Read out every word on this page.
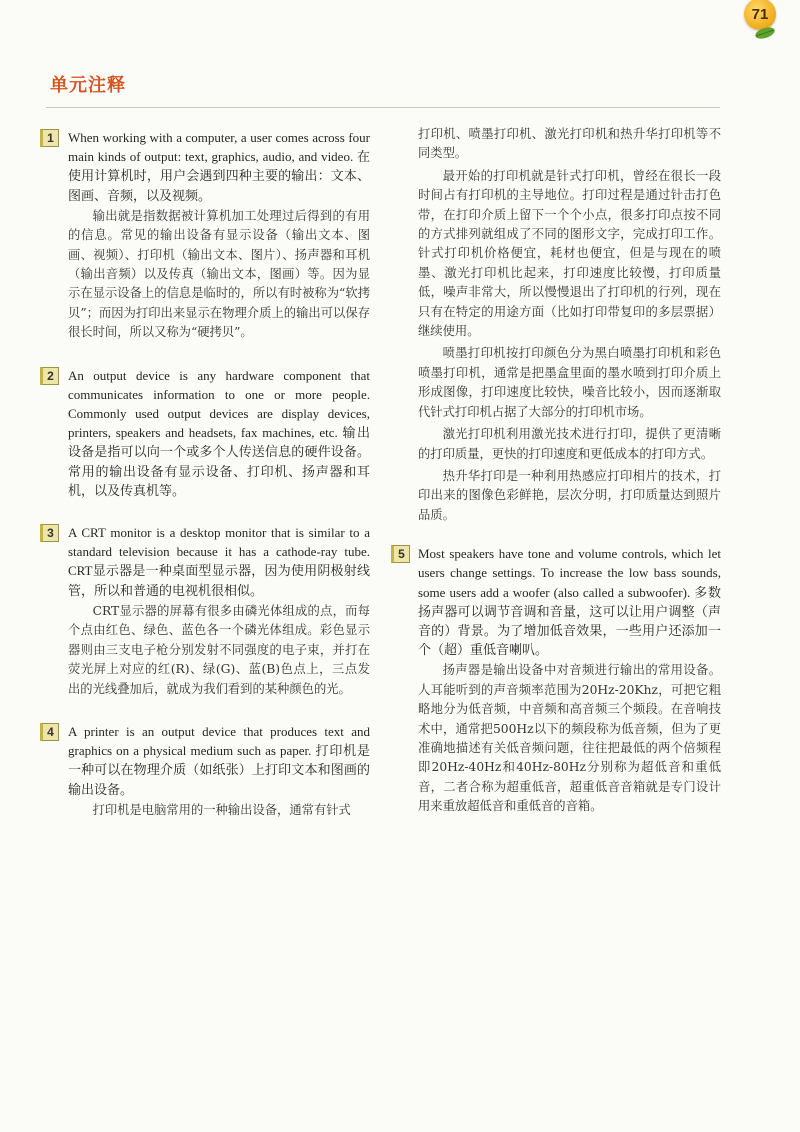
71
单元注释
1	When working with a computer, a user comes across four main kinds of output: text, graphics, audio, and video. 在使用计算机时，用户会遇到四种主要的输出：文本、图画、音频，以及视频。

输出就是指数据被计算机加工处理过后得到的有用的信息。常见的输出设备有显示设备（输出文本、图画、视频）、打印机（输出文本、图片）、扬声器和耳机（输出音频）以及传真（输出文本，图画）等。因为显示在显示设备上的信息是临时的，所以有时被称为“软拷贝”；而因为打印出来显示在物理介质上的输出可以保存很长时间，所以又称为“硬拷贝”。

2	An output device is any hardware component that communicates information to one or more people. Commonly used output devices are display devices, printers, speakers and headsets, fax machines, etc. 输出设备是指可以向一个或多个人传送信息的硬件设备。常用的输出设备有显示设备、打印机、扬声器和耳机，以及传真机等。

3	A CRT monitor is a desktop monitor that is similar to a standard television because it has a cathode-ray tube. CRT显示器是一种桌面型显示器，因为使用阴极射线管，所以和普通的电视机很相似。

CRT显示器的屏幕有很多由磷光体组成的点，而每个点由红色、绿色、蓝色各一个磷光体组成。彩色显示器则由三支电子枪分别发射不同强度的电子束，并打在荧光屏上对应的红(R)、绿(G)、蓝(B)色点上，三点发出的光线叠加后，就成为我们看到的某种颜色的光。

4	A printer is an output device that produces text and graphics on a physical medium such as paper. 打印机是一种可以在物理介质（如纸张）上打印文本和图画的输出设备。

打印机是电脑常用的一种输出设备，通常有针式

打印机、喷墨打印机、激光打印机和热升华打印机等不同类型。

最开始的打印机就是针式打印机，曾经在很长一段时间占有打印机的主导地位。打印过程是通过针击打色带，在打印介质上留下一个个小点，很多打印点按不同的方式排列就组成了不同的图形文字，完成打印工作。针式打印机价格便宜，耗材也便宜，但是与现在的喷墨、激光打印机比起来，打印速度比较慢，打印质量低，噪声非常大，所以慢慢退出了打印机的行列，现在只有在特定的用途方面（比如打印带复印的多层票据）继续使用。

喷墨打印机按打印颜色分为黑白喷墨打印机和彩色喷墨打印机，通常是把墨盒里面的墨水喷到打印介质上形成图像，打印速度比较快，噪音比较小，因而逐渐取代针式打印机占据了大部分的打印机市场。

激光打印机利用激光技术进行打印，提供了更清晰的打印质量，更快的打印速度和更低成本的打印方式。

热升华打印是一种利用热感应打印相片的技术，打印出来的图像色彩鲜艳，层次分明，打印质量达到照片品质。

5	Most speakers have tone and volume controls, which let users change settings. To increase the low bass sounds, some users add a woofer (also called a subwoofer). 多数扬声器可以调节音调和音量，这可以让用户调整（声音的）背景。为了增加低音效果，一些用户还添加一个（超）重低音喇叭。

扬声器是输出设备中对音频进行输出的常用设备。人耳能听到的声音频率范围为20Hz-20Khz，可把它粗略地分为低音频，中音频和高音频三个频段。在音响技术中，通常把500Hz以下的频段称为低音频，但为了更准确地描述有关低音频问题，往往把最低的两个倍频程即20Hz-40Hz和40Hz-80Hz分别称为超低音和重低音，二者合称为超重低音，超重低音音箱就是专门设计用来重放超低音和重低音的音箱。
